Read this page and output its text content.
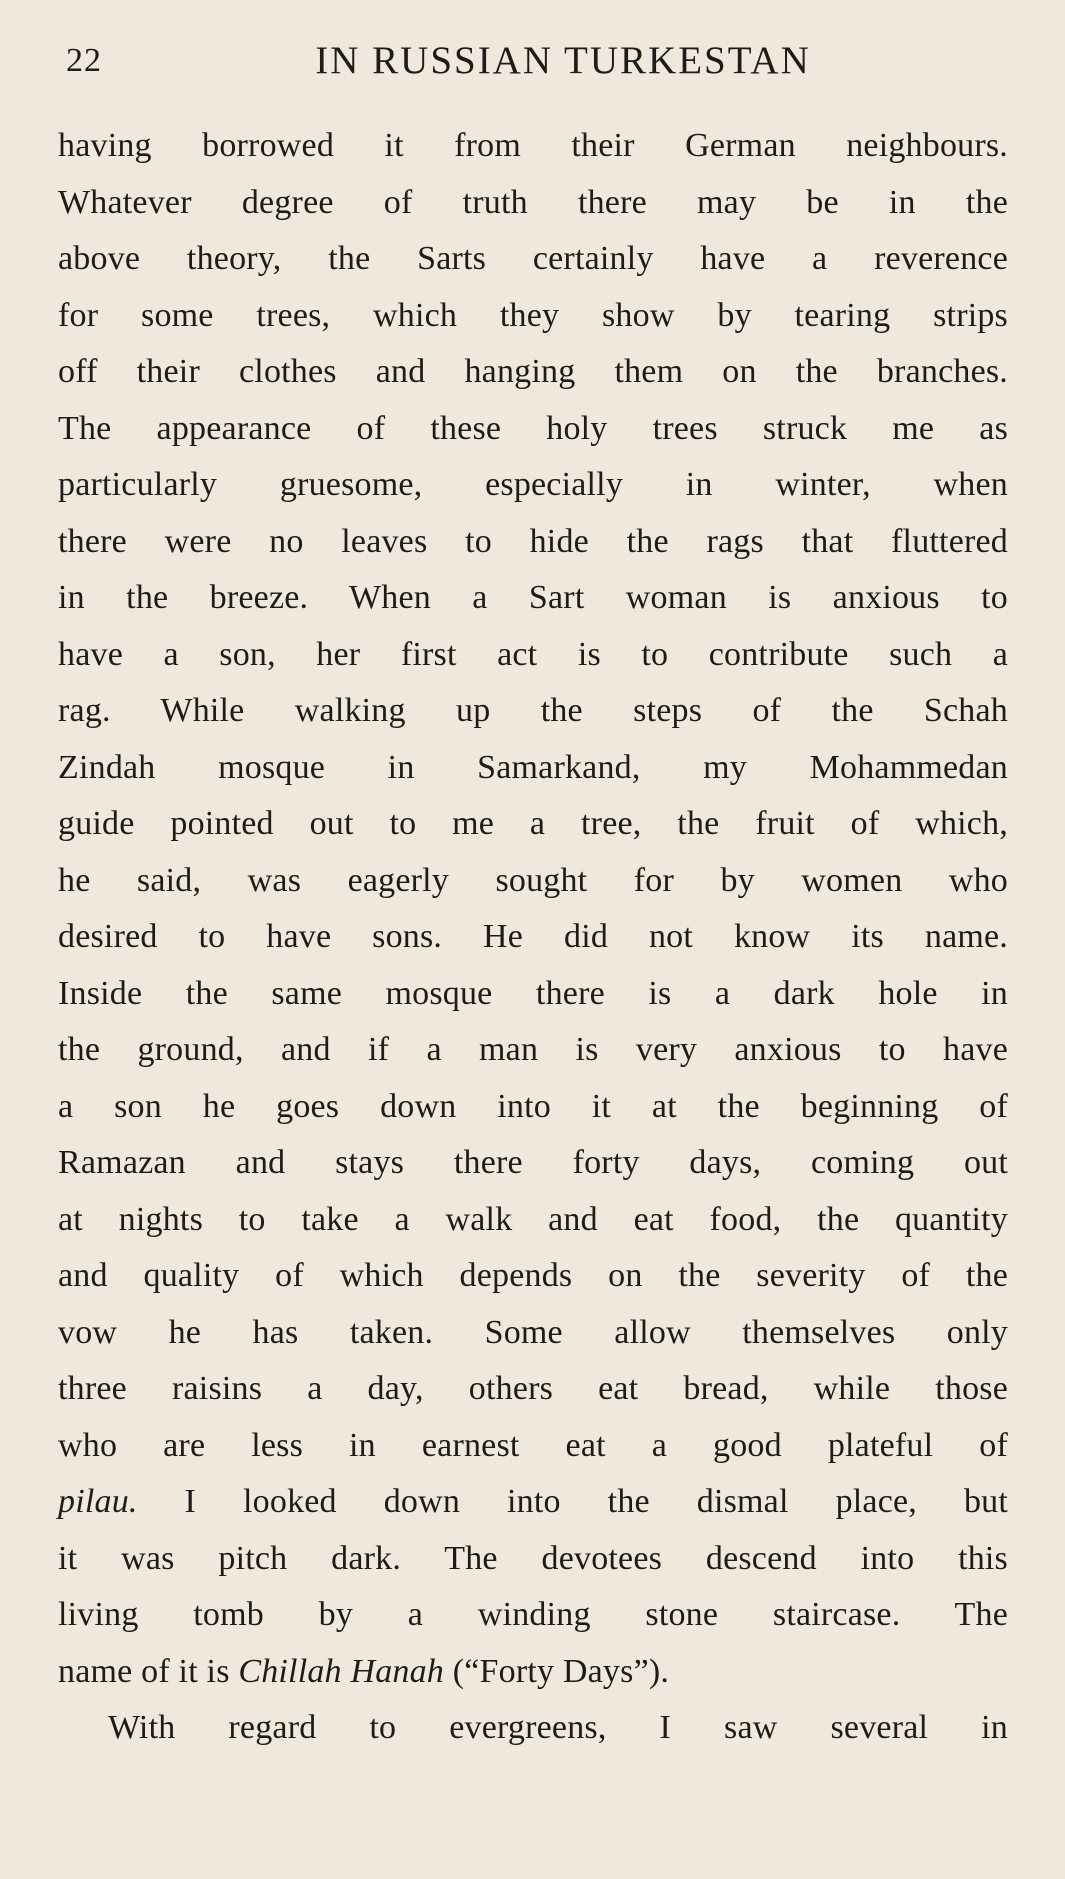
22	IN RUSSIAN TURKESTAN
having borrowed it from their German neighbours.
Whatever degree of truth there may be in the
above theory, the Sarts certainly have a reverence
for some trees, which they show by tearing strips
off their clothes and hanging them on the branches.
The appearance of these holy trees struck me as
particularly gruesome, especially in winter, when
there were no leaves to hide the rags that fluttered
in the breeze. When a Sart woman is anxious to
have a son, her first act is to contribute such a
rag. While walking up the steps of the Schah
Zindah mosque in Samarkand, my Mohammedan
guide pointed out to me a tree, the fruit of which,
he said, was eagerly sought for by women who
desired to have sons. He did not know its name.
Inside the same mosque there is a dark hole in
the ground, and if a man is very anxious to have
a son he goes down into it at the beginning of
Ramazan and stays there forty days, coming out
at nights to take a walk and eat food, the quantity
and quality of which depends on the severity of the
vow he has taken. Some allow themselves only
three raisins a day, others eat bread, while those
who are less in earnest eat a good plateful of
pilau. I looked down into the dismal place, but
it was pitch dark. The devotees descend into this
living tomb by a winding stone staircase. The
name of it is Chillah Hanah (“Forty Days”).
With regard to evergreens, I saw several in
